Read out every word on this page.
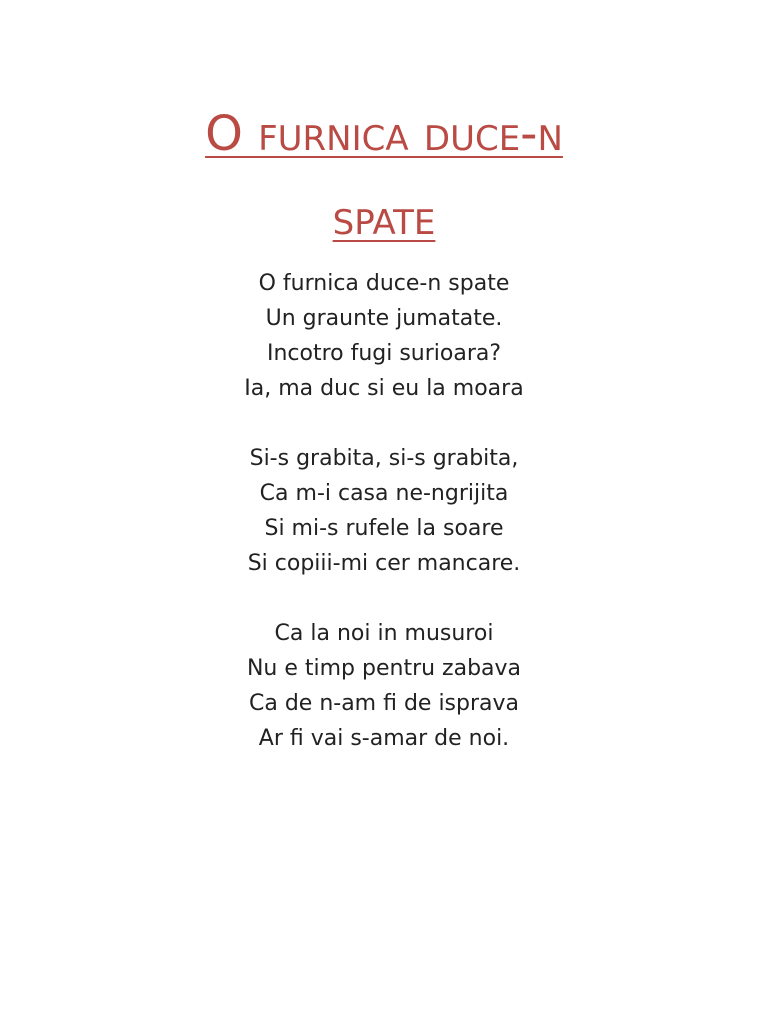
O furnica duce-n
spate
O furnica duce-n spate
Un graunte jumatate.
Incotro fugi surioara?
Ia, ma duc si eu la moara
Si-s grabita, si-s grabita,
Ca m-i casa ne-ngrijita
Si mi-s rufele la soare
Si copiii-mi cer mancare.
Ca la noi in musuroi
Nu e timp pentru zabava
Ca de n-am fi de isprava
Ar fi vai s-amar de noi.
